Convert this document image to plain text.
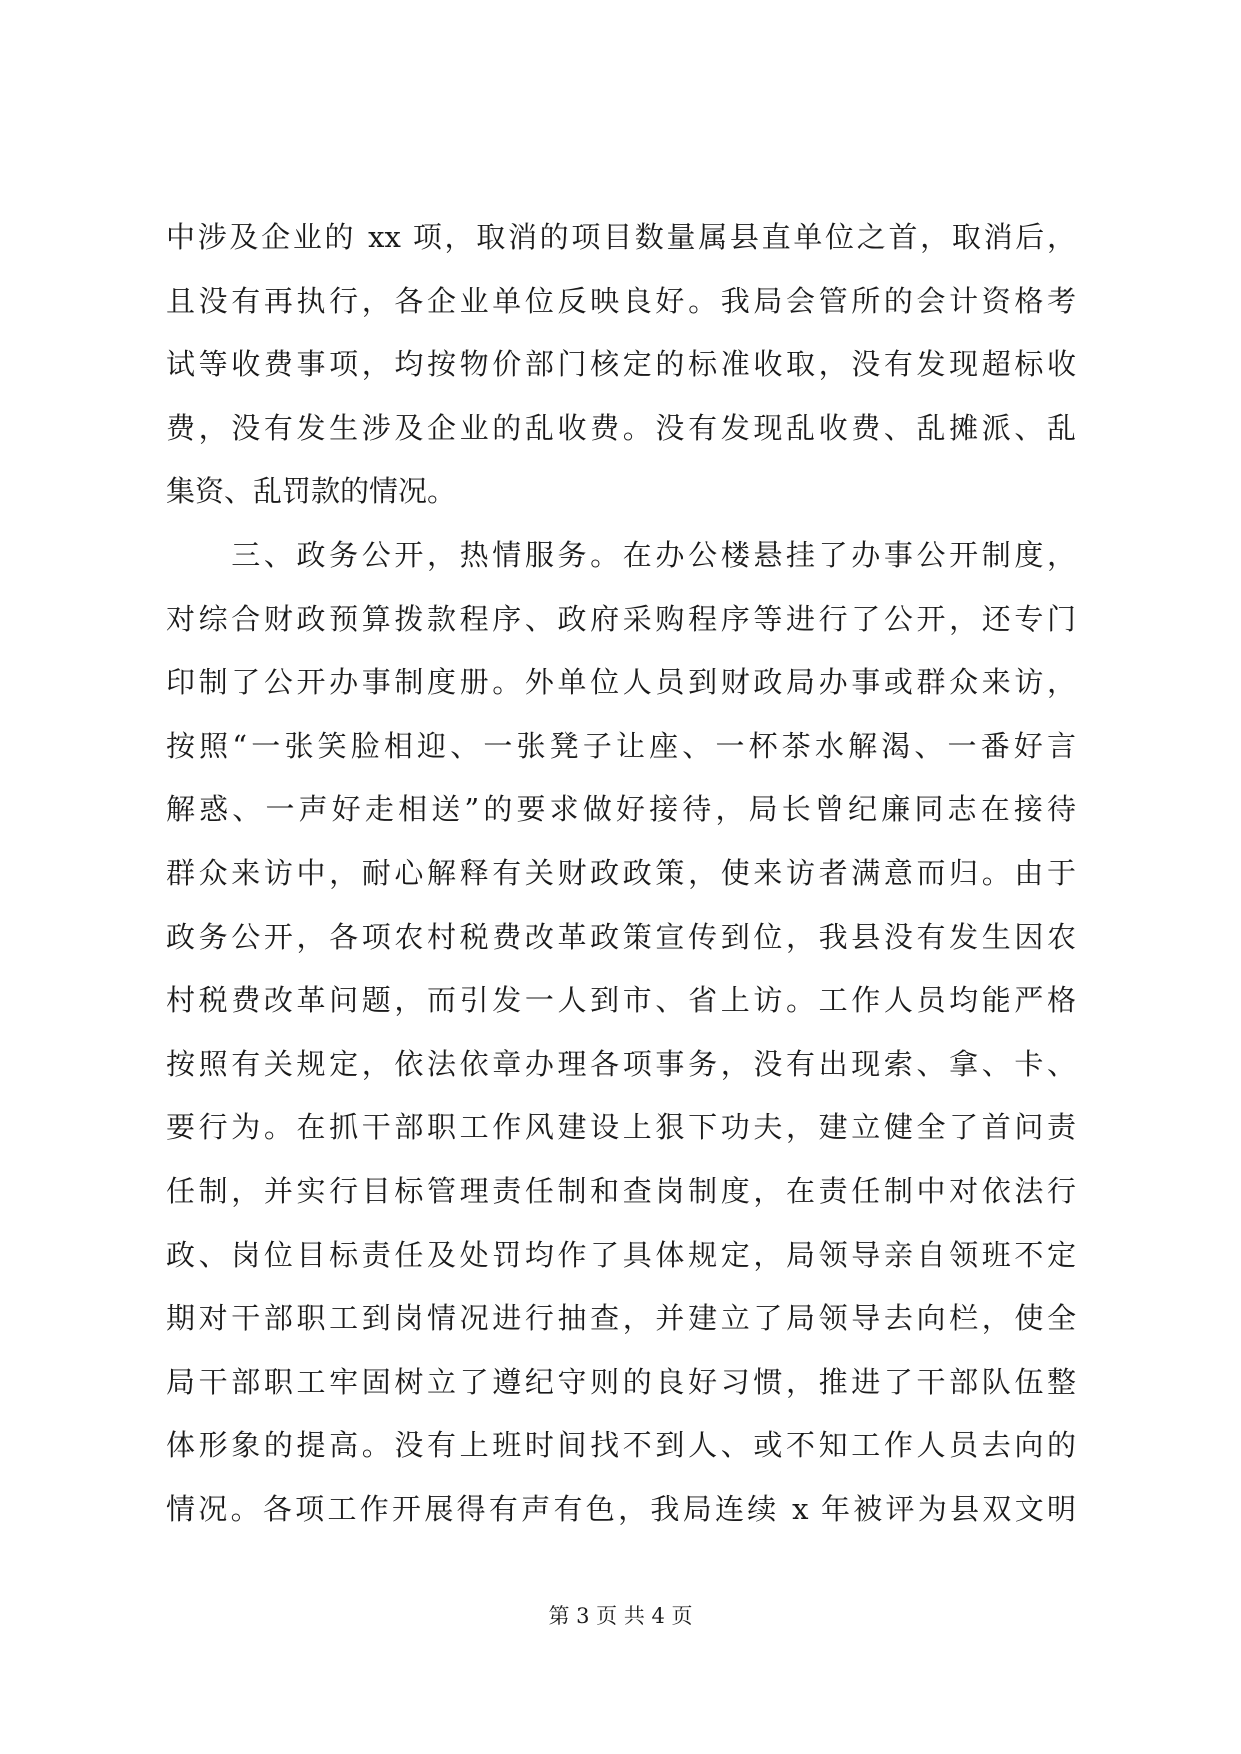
中涉及企业的 xx 项，取消的项目数量属县直单位之首，取消后，
且没有再执行，各企业单位反映良好。我局会管所的会计资格考
试等收费事项，均按物价部门核定的标准收取，没有发现超标收
费，没有发生涉及企业的乱收费。没有发现乱收费、乱摊派、乱
集资、乱罚款的情况。
　　三、政务公开，热情服务。在办公楼悬挂了办事公开制度，
对综合财政预算拨款程序、政府采购程序等进行了公开，还专门
印制了公开办事制度册。外单位人员到财政局办事或群众来访，
按照“一张笑脸相迎、一张凳子让座、一杯茶水解渴、一番好言
解惑、一声好走相送”的要求做好接待，局长曾纪廉同志在接待
群众来访中，耐心解释有关财政政策，使来访者满意而归。由于
政务公开，各项农村税费改革政策宣传到位，我县没有发生因农
村税费改革问题，而引发一人到市、省上访。工作人员均能严格
按照有关规定，依法依章办理各项事务，没有出现索、拿、卡、
要行为。在抓干部职工作风建设上狠下功夫，建立健全了首问责
任制，并实行目标管理责任制和查岗制度，在责任制中对依法行
政、岗位目标责任及处罚均作了具体规定，局领导亲自领班不定
期对干部职工到岗情况进行抽查，并建立了局领导去向栏，使全
局干部职工牢固树立了遵纪守则的良好习惯，推进了干部队伍整
体形象的提高。没有上班时间找不到人、或不知工作人员去向的
情况。各项工作开展得有声有色，我局连续 x 年被评为县双文明
第 3 页 共 4 页
